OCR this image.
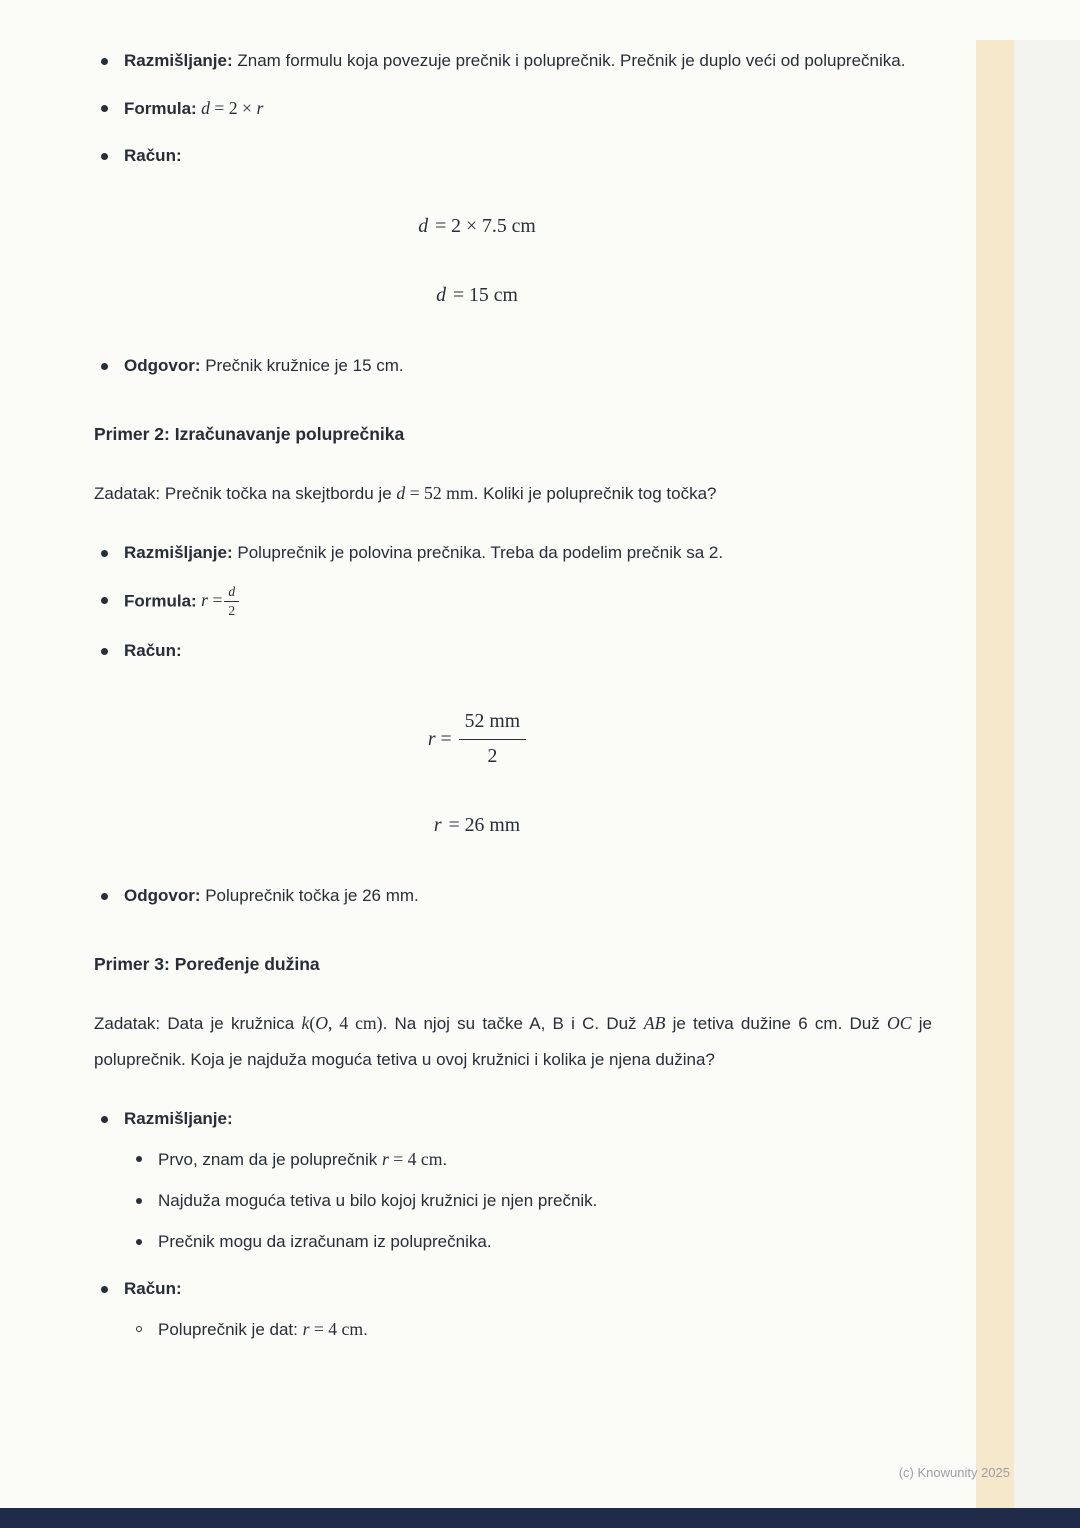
Razmišljanje: Znam formulu koja povezuje prečnik i poluprečnik. Prečnik je duplo veći od poluprečnika.
Formula: d = 2 × r
Račun:
d = 2 × 7.5 cm
d = 15 cm
Odgovor: Prečnik kružnice je 15 cm.
Primer 2: Izračunavanje poluprečnika

Zadatak: Prečnik točka na skejtbordu je d = 52 mm. Koliki je poluprečnik tog točka?

Razmišljanje: Poluprečnik je polovina prečnika. Treba da podelim prečnik sa 2.
Formula: $r = \frac{d}{2}$
Račun:
$r = \frac{52 mm}{2}$
r = 26 mm
Odgovor: Poluprečnik točka je 26 mm.
Primer 3: Poređenje dužina

Zadatak: Data je kružnica k(O, 4 cm). Na njoj su tačke A, B i C. Duž AB je tetiva dužine 6 cm. Duž OC je poluprečnik. Koja je najduža moguća tetiva u ovoj kružnici i kolika je njena dužina?

Razmišljanje:
Prvo, znam da je poluprečnik r = 4 cm.
Najduža moguća tetiva u bilo kojoj kružnici je njen prečnik.
Prečnik mogu da izračunam iz poluprečnika.
Račun:
Poluprečnik je dat: r = 4 cm.
(c) Knowunity 2025
